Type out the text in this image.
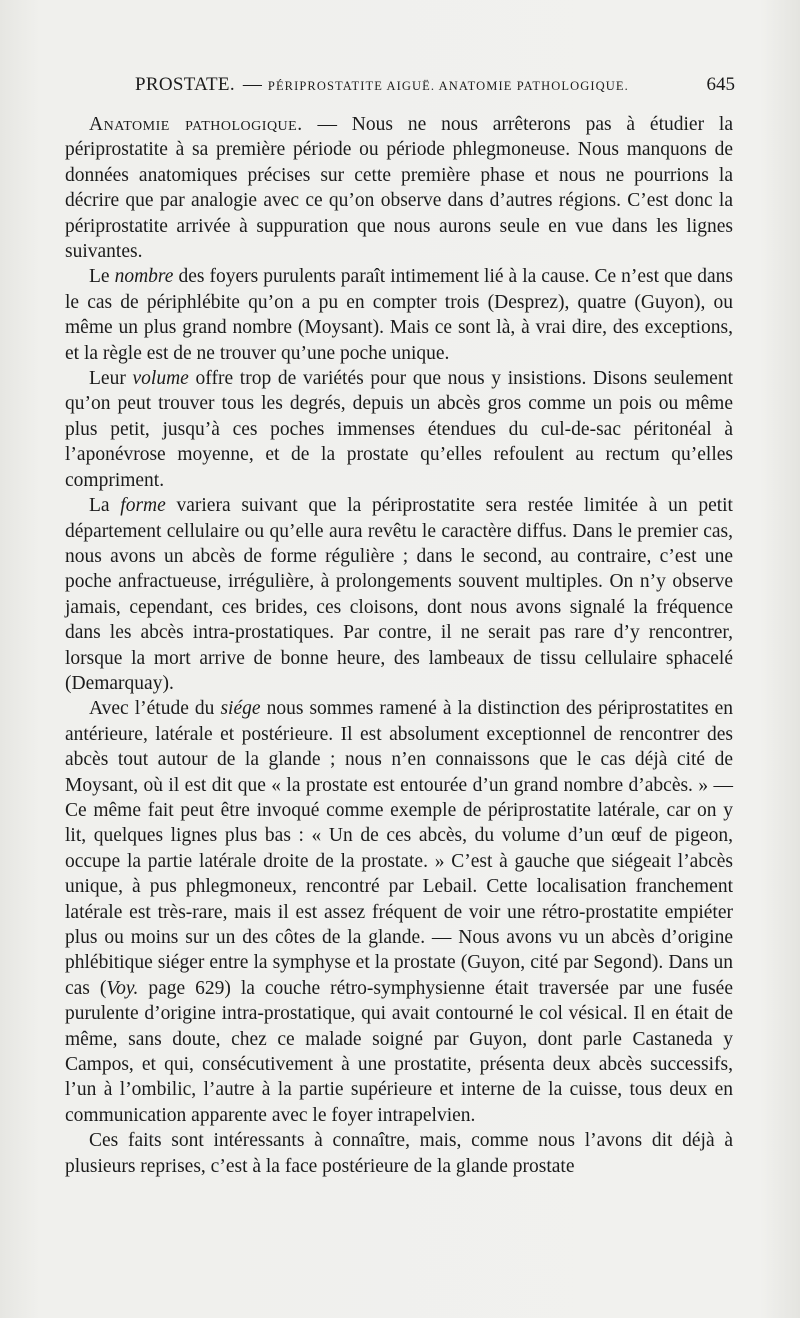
PROSTATE. — PÉRIPROSTATITE AIGUË. ANATOMIE PATHOLOGIQUE.	645

Anatomie pathologique. — Nous ne nous arrêterons pas à étudier la périprostatite à sa première période ou période phlegmoneuse. Nous manquons de données anatomiques précises sur cette première phase et nous ne pourrions la décrire que par analogie avec ce qu’on observe dans d’autres régions. C’est donc la périprostatite arrivée à suppuration que nous aurons seule en vue dans les lignes suivantes.

Le nombre des foyers purulents paraît intimement lié à la cause. Ce n’est que dans le cas de périphlébite qu’on a pu en compter trois (Desprez), quatre (Guyon), ou même un plus grand nombre (Moysant). Mais ce sont là, à vrai dire, des exceptions, et la règle est de ne trouver qu’une poche unique.

Leur volume offre trop de variétés pour que nous y insistions. Disons seulement qu’on peut trouver tous les degrés, depuis un abcès gros comme un pois ou même plus petit, jusqu’à ces poches immenses étendues du cul-de-sac péritonéal à l’aponévrose moyenne, et de la prostate qu’elles refoulent au rectum qu’elles compriment.

La forme variera suivant que la périprostatite sera restée limitée à un petit département cellulaire ou qu’elle aura revêtu le caractère diffus. Dans le premier cas, nous avons un abcès de forme régulière ; dans le second, au contraire, c’est une poche anfractueuse, irrégulière, à prolongements souvent multiples. On n’y observe jamais, cependant, ces brides, ces cloisons, dont nous avons signalé la fréquence dans les abcès intra-prostatiques. Par contre, il ne serait pas rare d’y rencontrer, lorsque la mort arrive de bonne heure, des lambeaux de tissu cellulaire sphacelé (Demarquay).

Avec l’étude du siége nous sommes ramené à la distinction des périprostatites en antérieure, latérale et postérieure. Il est absolument exceptionnel de rencontrer des abcès tout autour de la glande ; nous n’en connaissons que le cas déjà cité de Moysant, où il est dit que « la prostate est entourée d’un grand nombre d’abcès. » — Ce même fait peut être invoqué comme exemple de périprostatite latérale, car on y lit, quelques lignes plus bas : « Un de ces abcès, du volume d’un œuf de pigeon, occupe la partie latérale droite de la prostate. » C’est à gauche que siégeait l’abcès unique, à pus phlegmoneux, rencontré par Lebail. Cette localisation franchement latérale est très-rare, mais il est assez fréquent de voir une rétro-prostatite empiéter plus ou moins sur un des côtes de la glande. — Nous avons vu un abcès d’origine phlébitique siéger entre la symphyse et la prostate (Guyon, cité par Segond). Dans un cas (Voy. page 629) la couche rétro-symphysienne était traversée par une fusée purulente d’origine intra-prostatique, qui avait contourné le col vésical. Il en était de même, sans doute, chez ce malade soigné par Guyon, dont parle Castaneda y Campos, et qui, consécutivement à une prostatite, présenta deux abcès successifs, l’un à l’ombilic, l’autre à la partie supérieure et interne de la cuisse, tous deux en communication apparente avec le foyer intrapelvien.

Ces faits sont intéressants à connaître, mais, comme nous l’avons dit déjà à plusieurs reprises, c’est à la face postérieure de la glande prostate
